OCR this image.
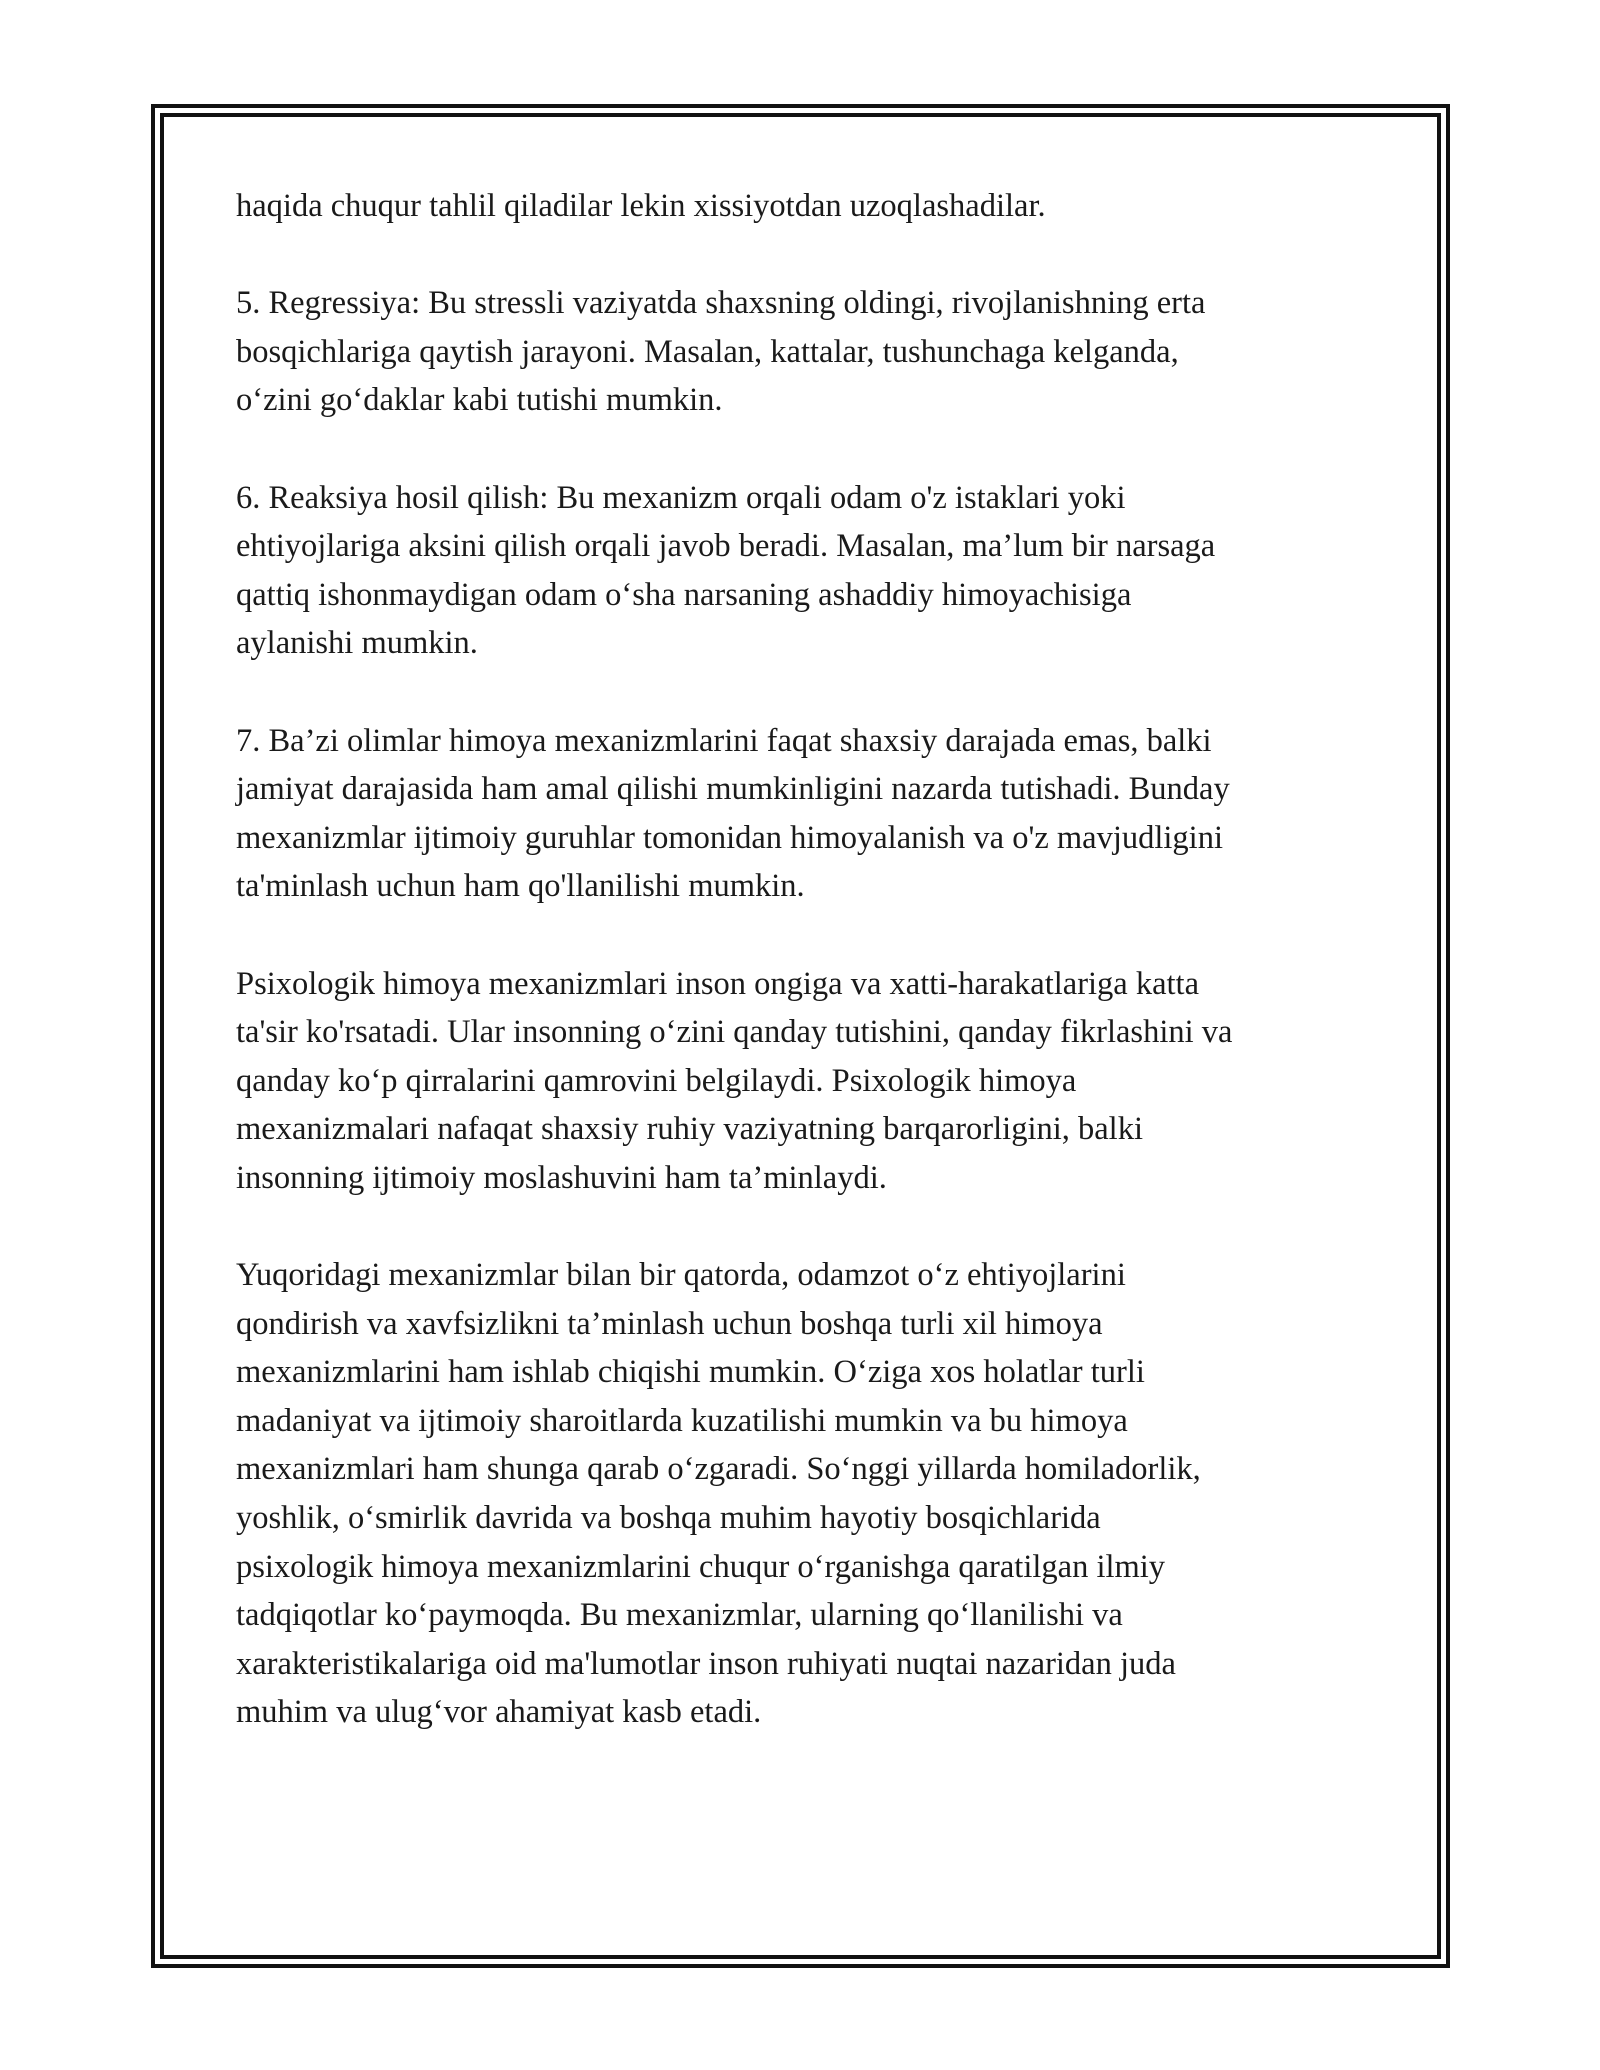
haqida chuqur tahlil qiladilar lekin xissiyotdan uzoqlashadilar.

5. Regressiya: Bu stressli vaziyatda shaxsning oldingi, rivojlanishning erta
bosqichlariga qaytish jarayoni. Masalan, kattalar, tushunchaga kelganda,
o‘zini go‘daklar kabi tutishi mumkin.

6. Reaksiya hosil qilish: Bu mexanizm orqali odam o'z istaklari yoki
ehtiyojlariga aksini qilish orqali javob beradi. Masalan, ma’lum bir narsaga
qattiq ishonmaydigan odam o‘sha narsaning ashaddiy himoyachisiga
aylanishi mumkin.

7. Ba’zi olimlar himoya mexanizmlarini faqat shaxsiy darajada emas, balki
jamiyat darajasida ham amal qilishi mumkinligini nazarda tutishadi. Bunday
mexanizmlar ijtimoiy guruhlar tomonidan himoyalanish va o'z mavjudligini
ta'minlash uchun ham qo'llanilishi mumkin.

Psixologik himoya mexanizmlari inson ongiga va xatti-harakatlariga katta
ta'sir ko'rsatadi. Ular insonning o‘zini qanday tutishini, qanday fikrlashini va
qanday ko‘p qirralarini qamrovini belgilaydi. Psixologik himoya
mexanizmalari nafaqat shaxsiy ruhiy vaziyatning barqarorligini, balki
insonning ijtimoiy moslashuvini ham ta’minlaydi.

Yuqoridagi mexanizmlar bilan bir qatorda, odamzot o‘z ehtiyojlarini
qondirish va xavfsizlikni ta’minlash uchun boshqa turli xil himoya
mexanizmlarini ham ishlab chiqishi mumkin. O‘ziga xos holatlar turli
madaniyat va ijtimoiy sharoitlarda kuzatilishi mumkin va bu himoya
mexanizmlari ham shunga qarab o‘zgaradi. So‘nggi yillarda homiladorlik,
yoshlik, o‘smirlik davrida va boshqa muhim hayotiy bosqichlarida
psixologik himoya mexanizmlarini chuqur o‘rganishga qaratilgan ilmiy
tadqiqotlar ko‘paymoqda. Bu mexanizmlar, ularning qo‘llanilishi va
xarakteristikalariga oid ma'lumotlar inson ruhiyati nuqtai nazaridan juda
muhim va ulug‘vor ahamiyat kasb etadi.
